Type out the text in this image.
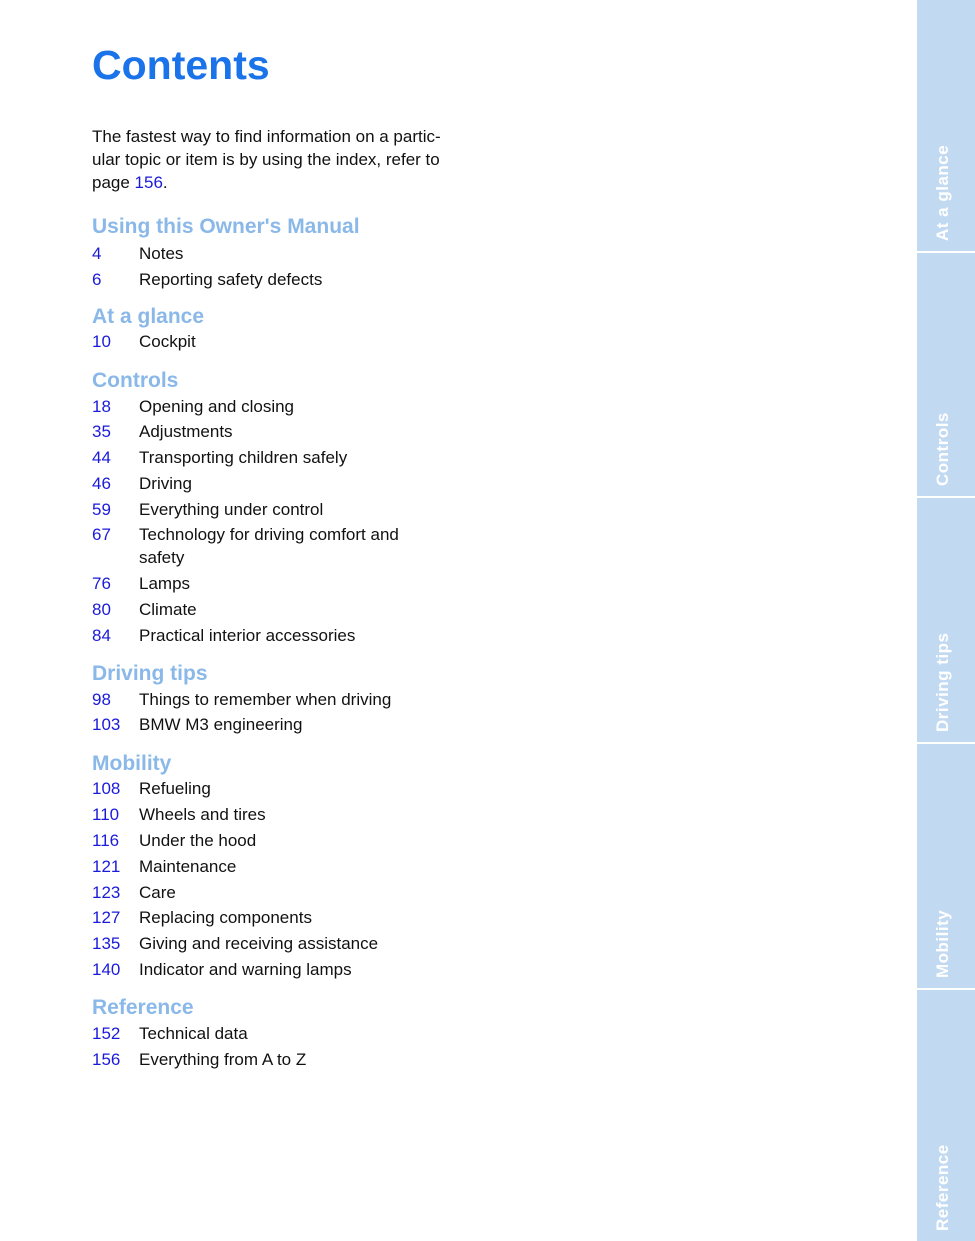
Contents
The fastest way to find information on a partic-
ular topic or item is by using the index, refer to
page 156.
Using this Owner's Manual
4 Notes
6 Reporting safety defects
At a glance
10 Cockpit
Controls
18 Opening and closing
35 Adjustments
44 Transporting children safely
46 Driving
59 Everything under control
67 Technology for driving comfort and
safety
76 Lamps
80 Climate
84 Practical interior accessories
Driving tips
98 Things to remember when driving
103 BMW M3 engineering
Mobility
108 Refueling
110 Wheels and tires
116 Under the hood
121 Maintenance
123 Care
127 Replacing components
135 Giving and receiving assistance
140 Indicator and warning lamps
Reference
152 Technical data
156 Everything from A to Z
At a glance
Controls
Driving tips
Mobility
Reference
